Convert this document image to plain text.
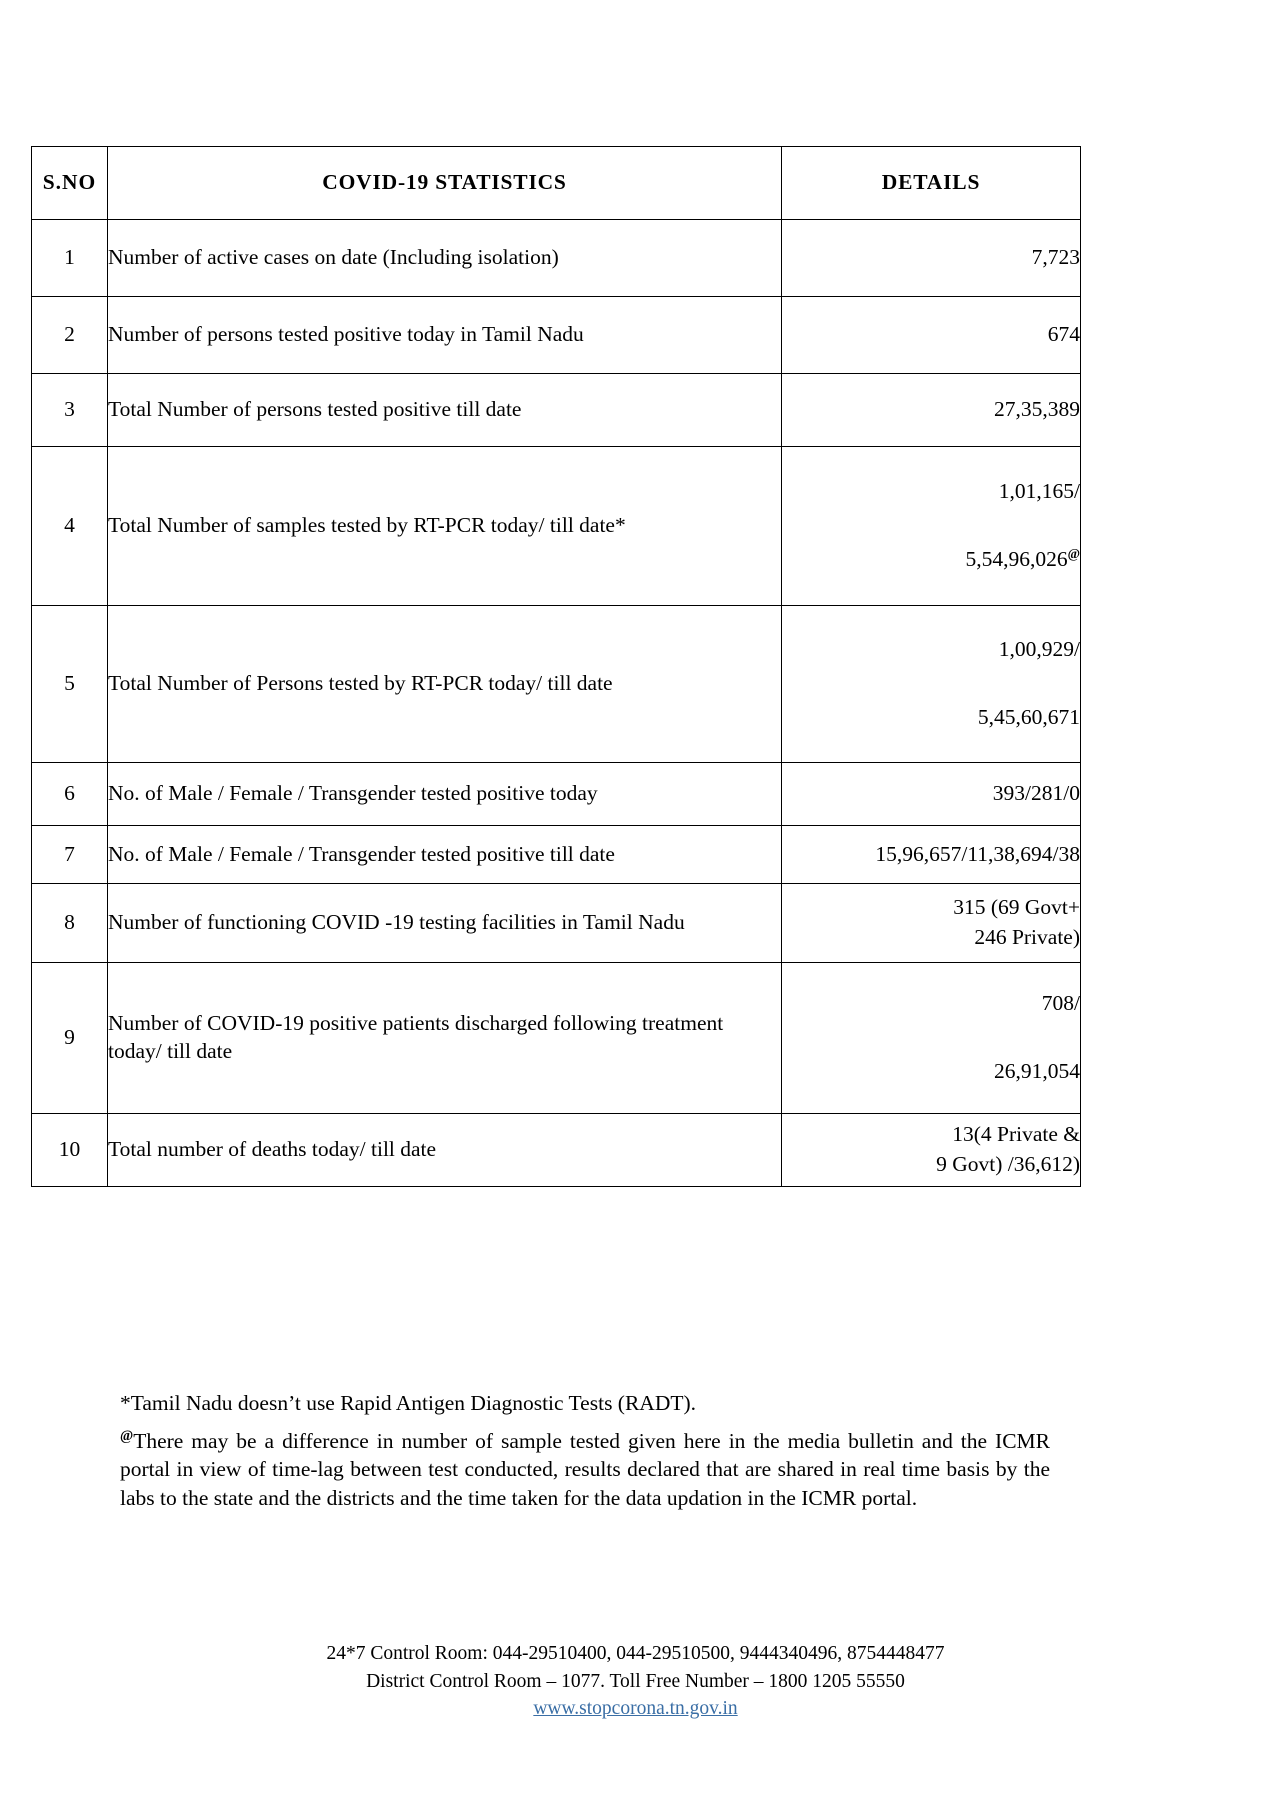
S.NO	COVID-19 STATISTICS	DETAILS
1	Number of active cases on date (Including isolation)	7,723

2	Number of persons tested positive today in Tamil Nadu	674

3	Total Number of persons tested positive till date	27,35,389

4	Total Number of samples tested by RT-PCR today/ till date*	1,01,165/
5,54,96,026@

5	Total Number of Persons tested by RT-PCR today/ till date	1,00,929/
5,45,60,671

6	No. of Male / Female / Transgender tested positive today	393/281/0

7	No. of Male / Female / Transgender tested positive till date	15,96,657/11,38,694/38

8	Number of functioning COVID -19 testing facilities in Tamil Nadu	315 (69 Govt+
246 Private)

9	Number of COVID-19 positive patients discharged following treatment today/ till date	708/
26,91,054

10	Total number of deaths today/ till date	13(4 Private &
9 Govt) /36,612)

*Tamil Nadu doesn’t use Rapid Antigen Diagnostic Tests (RADT).

@There may be a difference in number of sample tested given here in the media bulletin and the ICMR portal in view of time-lag between test conducted, results declared that are shared in real time basis by the labs to the state and the districts and the time taken for the data updation in the ICMR portal.

24*7 Control Room: 044-29510400, 044-29510500, 9444340496, 8754448477
District Control Room – 1077. Toll Free Number – 1800 1205 55550
www.stopcorona.tn.gov.in
